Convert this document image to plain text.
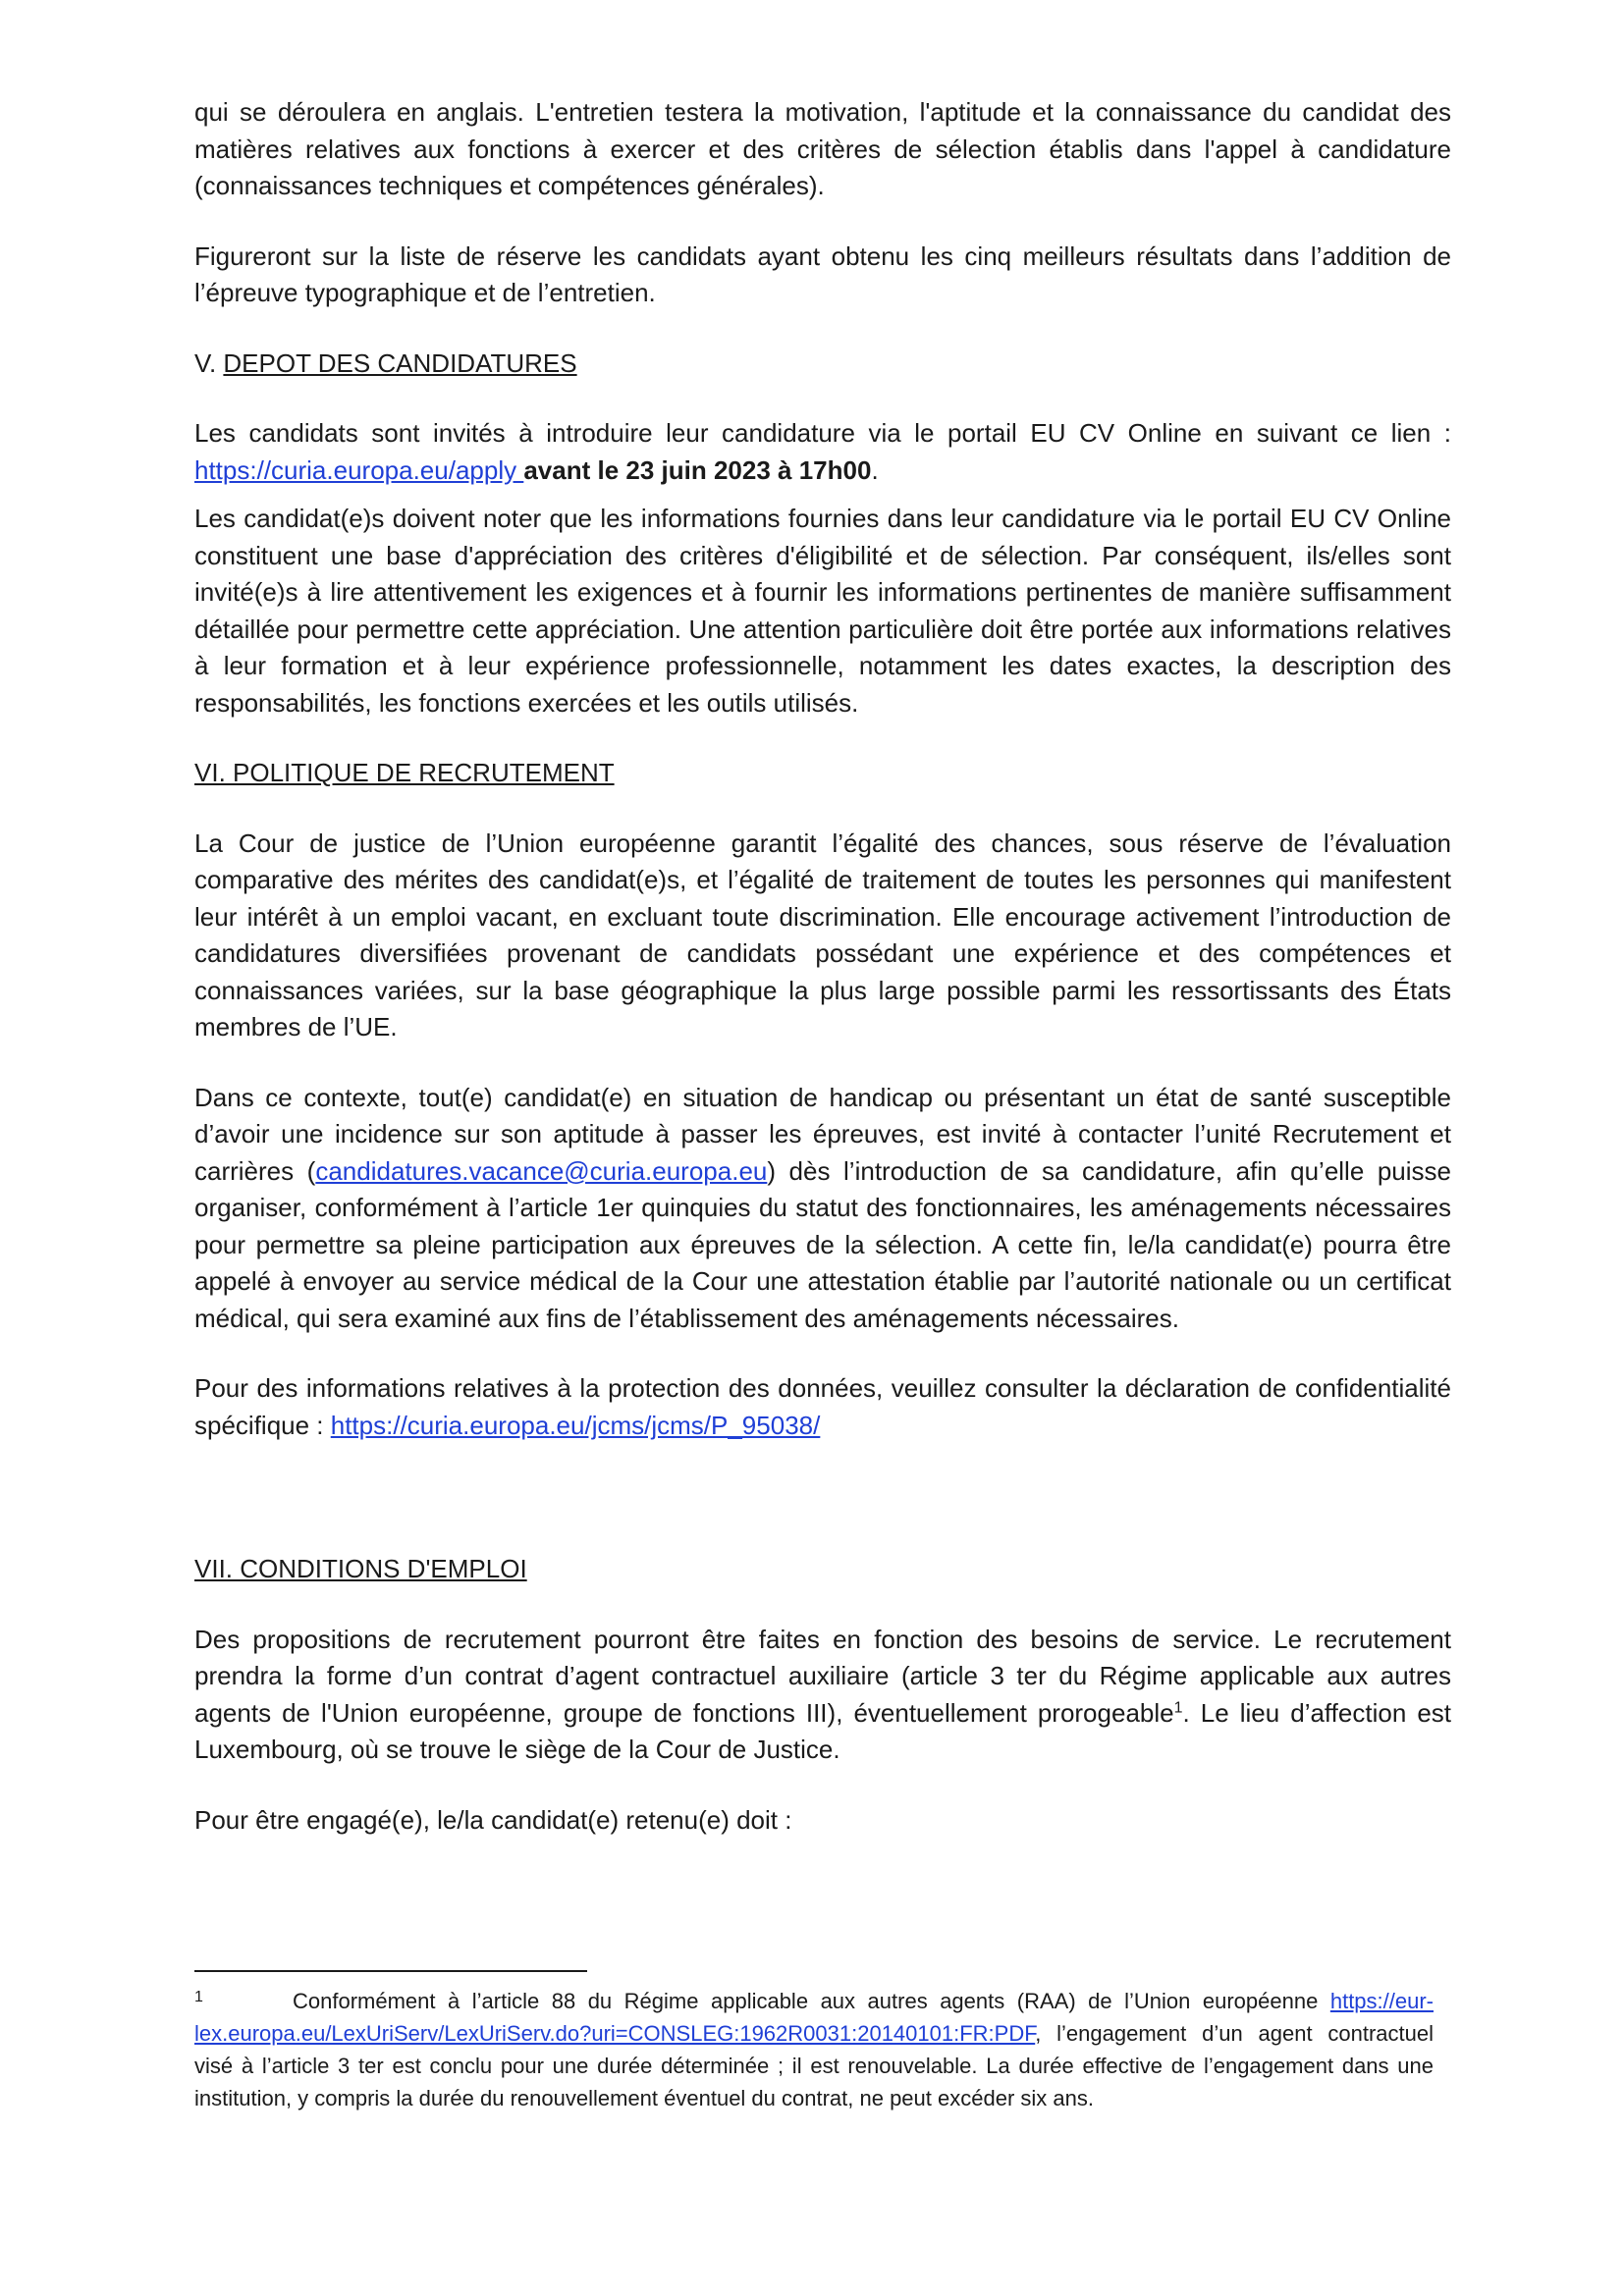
qui se déroulera en anglais. L'entretien testera la motivation, l'aptitude et la connaissance du candidat des matières relatives aux fonctions à exercer et des critères de sélection établis dans l'appel à candidature (connaissances techniques et compétences générales).

Figureront sur la liste de réserve les candidats ayant obtenu les cinq meilleurs résultats dans l’addition de l’épreuve typographique et de l’entretien.

V. DEPOT DES CANDIDATURES

Les candidats sont invités à introduire leur candidature via le portail EU CV Online en suivant ce lien : https://curia.europa.eu/apply avant le 23 juin 2023 à 17h00.

Les candidat(e)s doivent noter que les informations fournies dans leur candidature via le portail EU CV Online constituent une base d'appréciation des critères d'éligibilité et de sélection. Par conséquent, ils/elles sont invité(e)s à lire attentivement les exigences et à fournir les informations pertinentes de manière suffisamment détaillée pour permettre cette appréciation. Une attention particulière doit être portée aux informations relatives à leur formation et à leur expérience professionnelle, notamment les dates exactes, la description des responsabilités, les fonctions exercées et les outils utilisés.

VI. POLITIQUE DE RECRUTEMENT

La Cour de justice de l’Union européenne garantit l’égalité des chances, sous réserve de l’évaluation comparative des mérites des candidat(e)s, et l’égalité de traitement de toutes les personnes qui manifestent leur intérêt à un emploi vacant, en excluant toute discrimination. Elle encourage activement l’introduction de candidatures diversifiées provenant de candidats possédant une expérience et des compétences et connaissances variées, sur la base géographique la plus large possible parmi les ressortissants des États membres de l’UE.

Dans ce contexte, tout(e) candidat(e) en situation de handicap ou présentant un état de santé susceptible d’avoir une incidence sur son aptitude à passer les épreuves, est invité à contacter l’unité Recrutement et carrières (candidatures.vacance@curia.europa.eu) dès l’introduction de sa candidature, afin qu’elle puisse organiser, conformément à l’article 1er quinquies du statut des fonctionnaires, les aménagements nécessaires pour permettre sa pleine participation aux épreuves de la sélection. A cette fin, le/la candidat(e) pourra être appelé à envoyer au service médical de la Cour une attestation établie par l’autorité nationale ou un certificat médical, qui sera examiné aux fins de l’établissement des aménagements nécessaires.

Pour des informations relatives à la protection des données, veuillez consulter la déclaration de confidentialité spécifique : https://curia.europa.eu/jcms/jcms/P_95038/

VII. CONDITIONS D'EMPLOI

Des propositions de recrutement pourront être faites en fonction des besoins de service. Le recrutement prendra la forme d’un contrat d’agent contractuel auxiliaire (article 3 ter du Régime applicable aux autres agents de l'Union européenne, groupe de fonctions III), éventuellement prorogeable$^1$. Le lieu d’affection est Luxembourg, où se trouve le siège de la Cour de Justice.

Pour être engagé(e), le/la candidat(e) retenu(e) doit :

1	Conformément à l’article 88 du Régime applicable aux autres agents (RAA) de l’Union européenne https://eur-lex.europa.eu/LexUriServ/LexUriServ.do?uri=CONSLEG:1962R0031:20140101:FR:PDF, l’engagement d’un agent contractuel visé à l’article 3 ter est conclu pour une durée déterminée ; il est renouvelable. La durée effective de l’engagement dans une institution, y compris la durée du renouvellement éventuel du contrat, ne peut excéder six ans.
